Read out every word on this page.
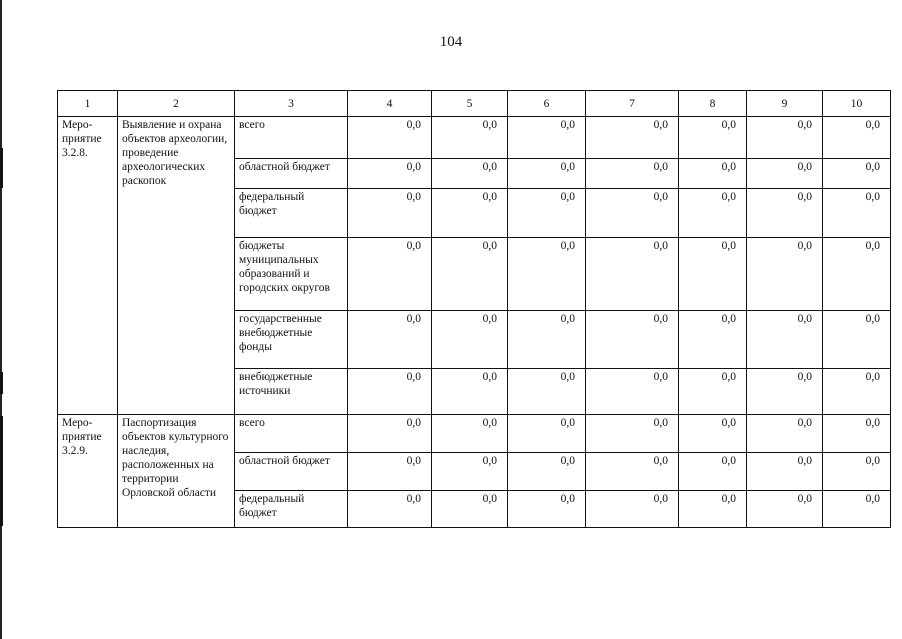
104
1	2	3	4	5	6	7	8	9	10
Меро-приятие 3.2.8.	Выявление и охрана объектов археологии, проведение археологических раскопок	всего	0,0	0,0	0,0	0,0	0,0	0,0	0,0
		областной бюджет	0,0	0,0	0,0	0,0	0,0	0,0	0,0
		федеральный бюджет	0,0	0,0	0,0	0,0	0,0	0,0	0,0
		бюджеты муниципальных образований и городских округов	0,0	0,0	0,0	0,0	0,0	0,0	0,0
		государственные внебюджетные фонды	0,0	0,0	0,0	0,0	0,0	0,0	0,0
		внебюджетные источники	0,0	0,0	0,0	0,0	0,0	0,0	0,0
Меро-приятие 3.2.9.	Паспортизация объектов культурного наследия, расположенных на территории Орловской области	всего	0,0	0,0	0,0	0,0	0,0	0,0	0,0
		областной бюджет	0,0	0,0	0,0	0,0	0,0	0,0	0,0
		федеральный бюджет	0,0	0,0	0,0	0,0	0,0	0,0	0,0
